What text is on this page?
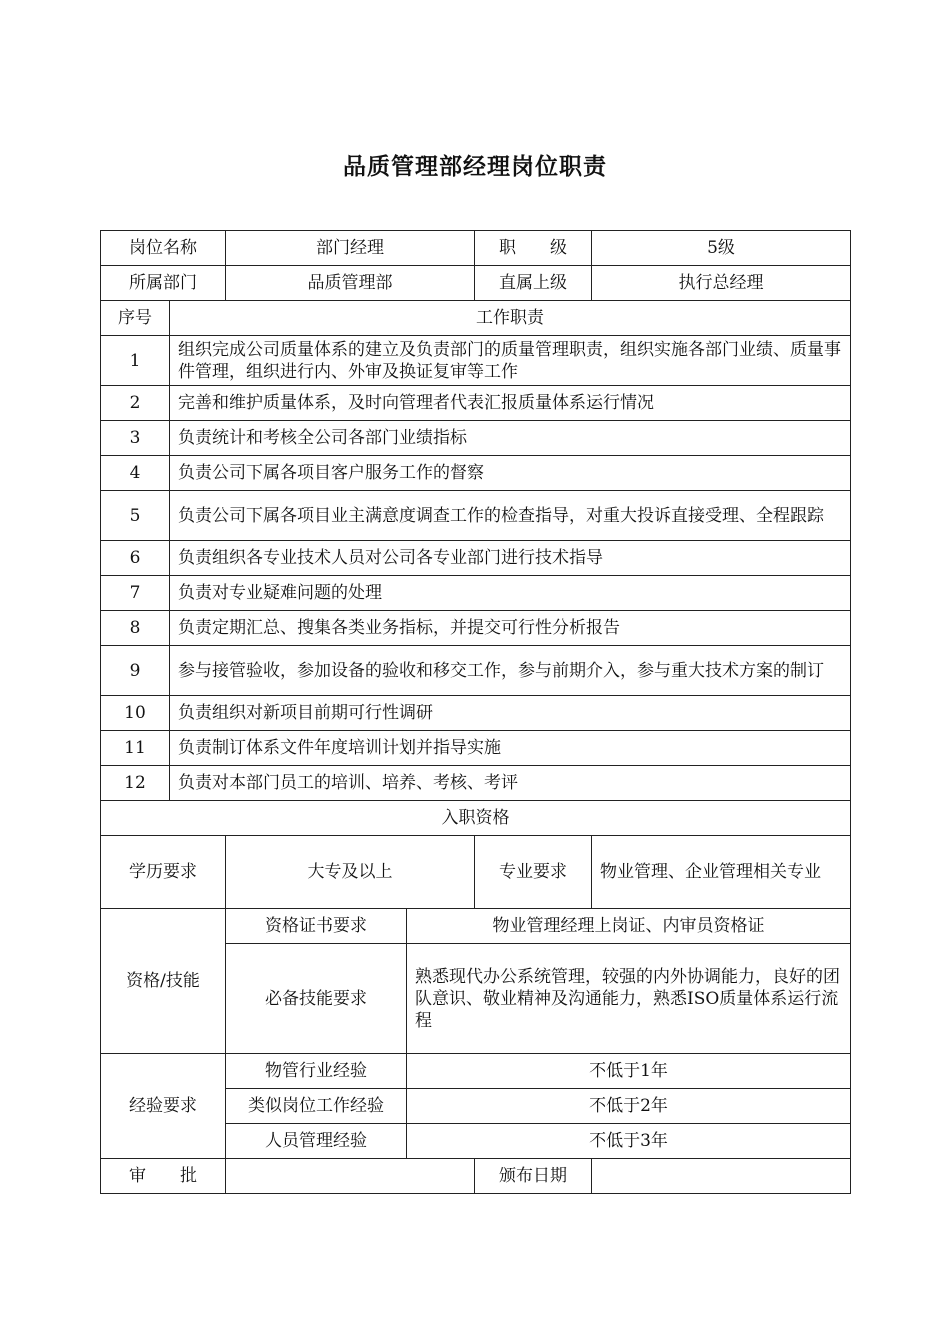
品质管理部经理岗位职责
岗位名称		部门经理		职　　级	5级
所属部门		品质管理部		直属上级	执行总经理
序号	工作职责				
1	组织完成公司质量体系的建立及负责部门的质量管理职责，组织实施各部门业绩、质量事件管理，组织进行内、外审及换证复审等工作				
2	完善和维护质量体系，及时向管理者代表汇报质量体系运行情况				
3	负责统计和考核全公司各部门业绩指标				
4	负责公司下属各项目客户服务工作的督察				
5	负责公司下属各项目业主满意度调查工作的检查指导，对重大投诉直接受理、全程跟踪				
6	负责组织各专业技术人员对公司各专业部门进行技术指导				
7	负责对专业疑难问题的处理				
8	负责定期汇总、搜集各类业务指标，并提交可行性分析报告				
9	参与接管验收，参加设备的验收和移交工作，参与前期介入，参与重大技术方案的制订				
10	负责组织对新项目前期可行性调研				
11	负责制订体系文件年度培训计划并指导实施				
12	负责对本部门员工的培训、培养、考核、考评				
入职资格					
学历要求		大专及以上		专业要求	物业管理、企业管理相关专业
资格/技能		资格证书要求	物业管理经理上岗证、内审员资格证		
		必备技能要求	熟悉现代办公系统管理，较强的内外协调能力，良好的团队意识、敬业精神及沟通能力，熟悉ISO质量体系运行流程		
经验要求		物管行业经验	不低于1年		
		类似岗位工作经验	不低于2年		
		人员管理经验	不低于3年		
审　　批				颁布日期	
